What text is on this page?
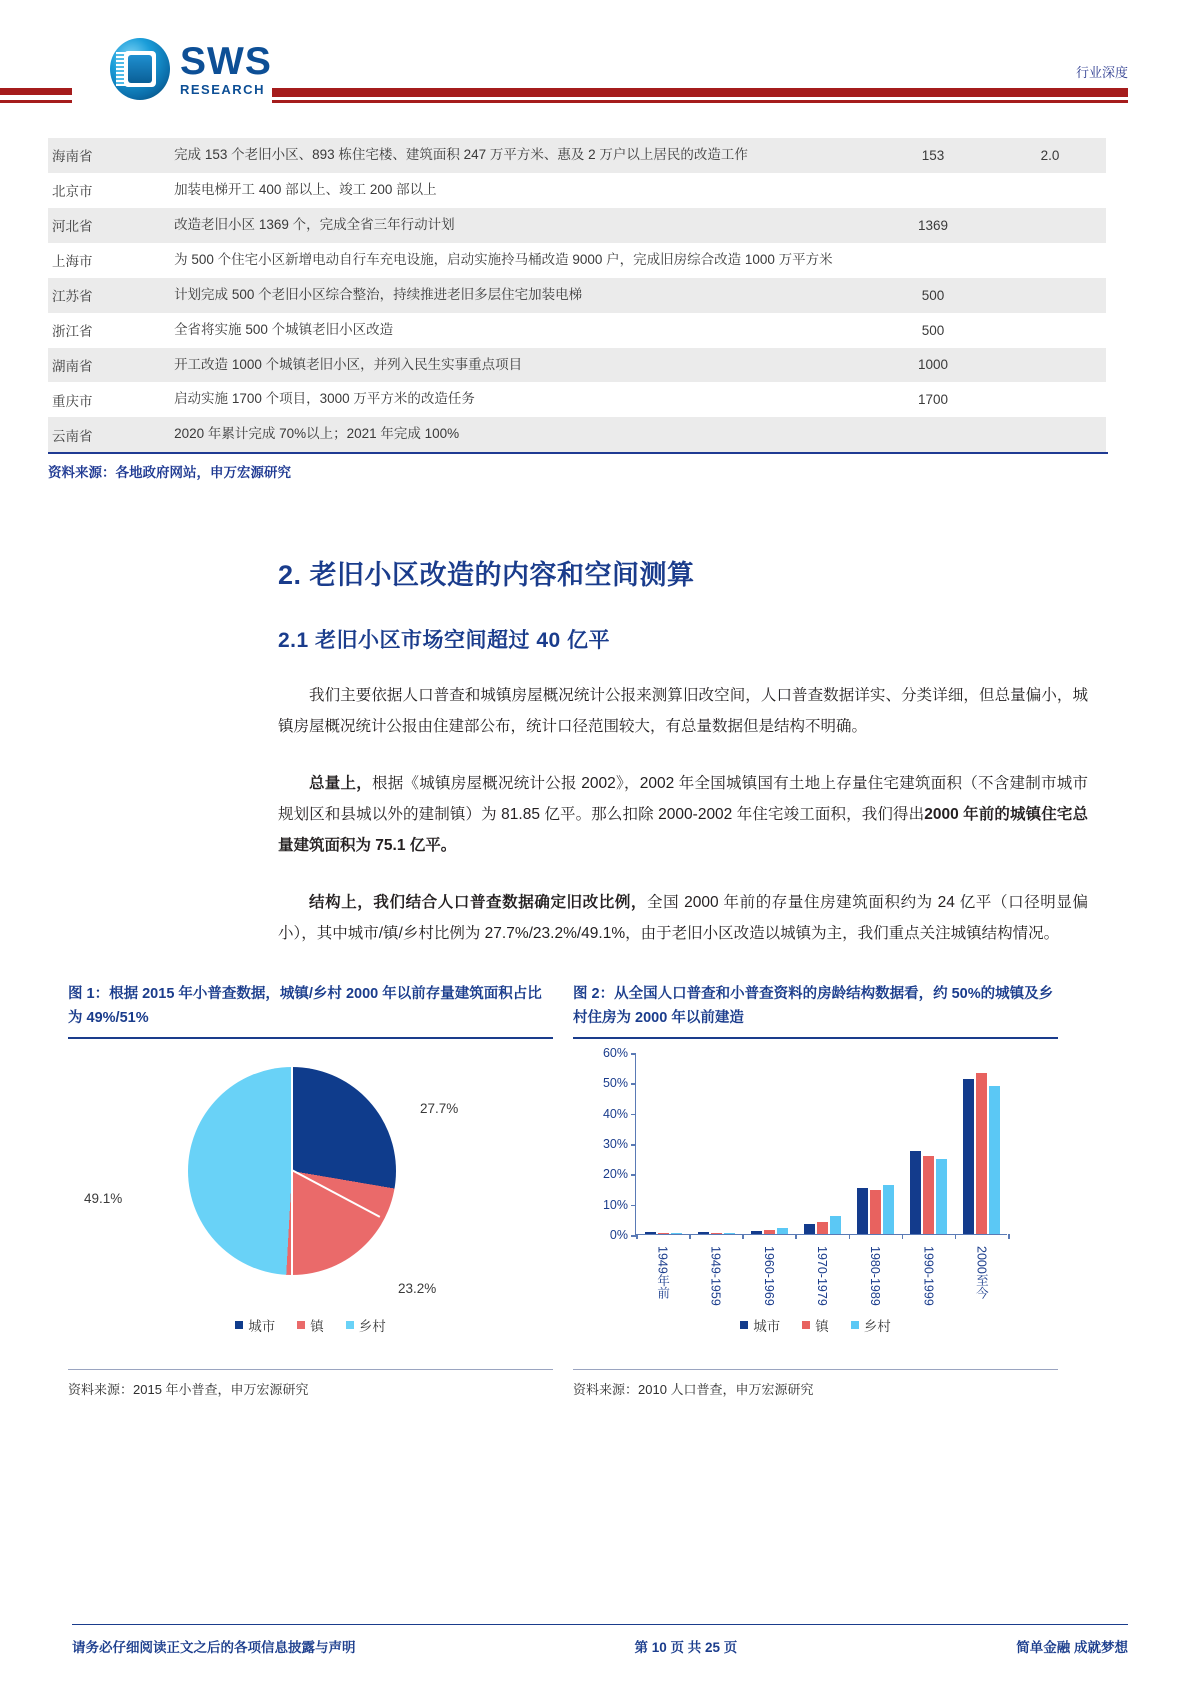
SWS
RESEARCH
行业深度
海南省	完成 153 个老旧小区、893 栋住宅楼、建筑面积 247 万平方米、惠及 2 万户以上居民的改造工作	153	2.0
北京市	加装电梯开工 400 部以上、竣工 200 部以上		
河北省	改造老旧小区 1369 个，完成全省三年行动计划	1369	
上海市	为 500 个住宅小区新增电动自行车充电设施，启动实施拎马桶改造 9000 户，完成旧房综合改造 1000 万平方米		
江苏省	计划完成 500 个老旧小区综合整治，持续推进老旧多层住宅加装电梯	500	
浙江省	全省将实施 500 个城镇老旧小区改造	500	
湖南省	开工改造 1000 个城镇老旧小区，并列入民生实事重点项目	1000	
重庆市	启动实施 1700 个项目，3000 万平方米的改造任务	1700	
云南省	2020 年累计完成 70%以上；2021 年完成 100%		
资料来源：各地政府网站，申万宏源研究
2. 老旧小区改造的内容和空间测算
2.1 老旧小区市场空间超过 40 亿平
我们主要依据人口普查和城镇房屋概况统计公报来测算旧改空间，人口普查数据详实、分类详细，但总量偏小，城镇房屋概况统计公报由住建部公布，统计口径范围较大，有总量数据但是结构不明确。
总量上，根据《城镇房屋概况统计公报 2002》，2002 年全国城镇国有土地上存量住宅建筑面积（不含建制市城市规划区和县城以外的建制镇）为 81.85 亿平。那么扣除 2000-2002 年住宅竣工面积，我们得出2000 年前的城镇住宅总量建筑面积为 75.1 亿平。
结构上，我们结合人口普查数据确定旧改比例，全国 2000 年前的存量住房建筑面积约为 24 亿平（口径明显偏小），其中城市/镇/乡村比例为 27.7%/23.2%/49.1%，由于老旧小区改造以城镇为主，我们重点关注城镇结构情况。
图 1：根据 2015 年小普查数据，城镇/乡村 2000 年以前存量建筑面积占比为 49%/51%
27.7%
49.1%
23.2%
城市	镇	乡村
资料来源：2015 年小普查，申万宏源研究
图 2：从全国人口普查和小普查资料的房龄结构数据看，约 50%的城镇及乡村住房为 2000 年以前建造
0%
10%
20%
30%
40%
50%
60%
1949年前	1949-1959	1960-1969	1970-1979	1980-1989	1990-1999	2000至今
城市	镇	乡村
资料来源：2010 人口普查，申万宏源研究
请务必仔细阅读正文之后的各项信息披露与声明	第 10 页 共 25 页	简单金融 成就梦想
